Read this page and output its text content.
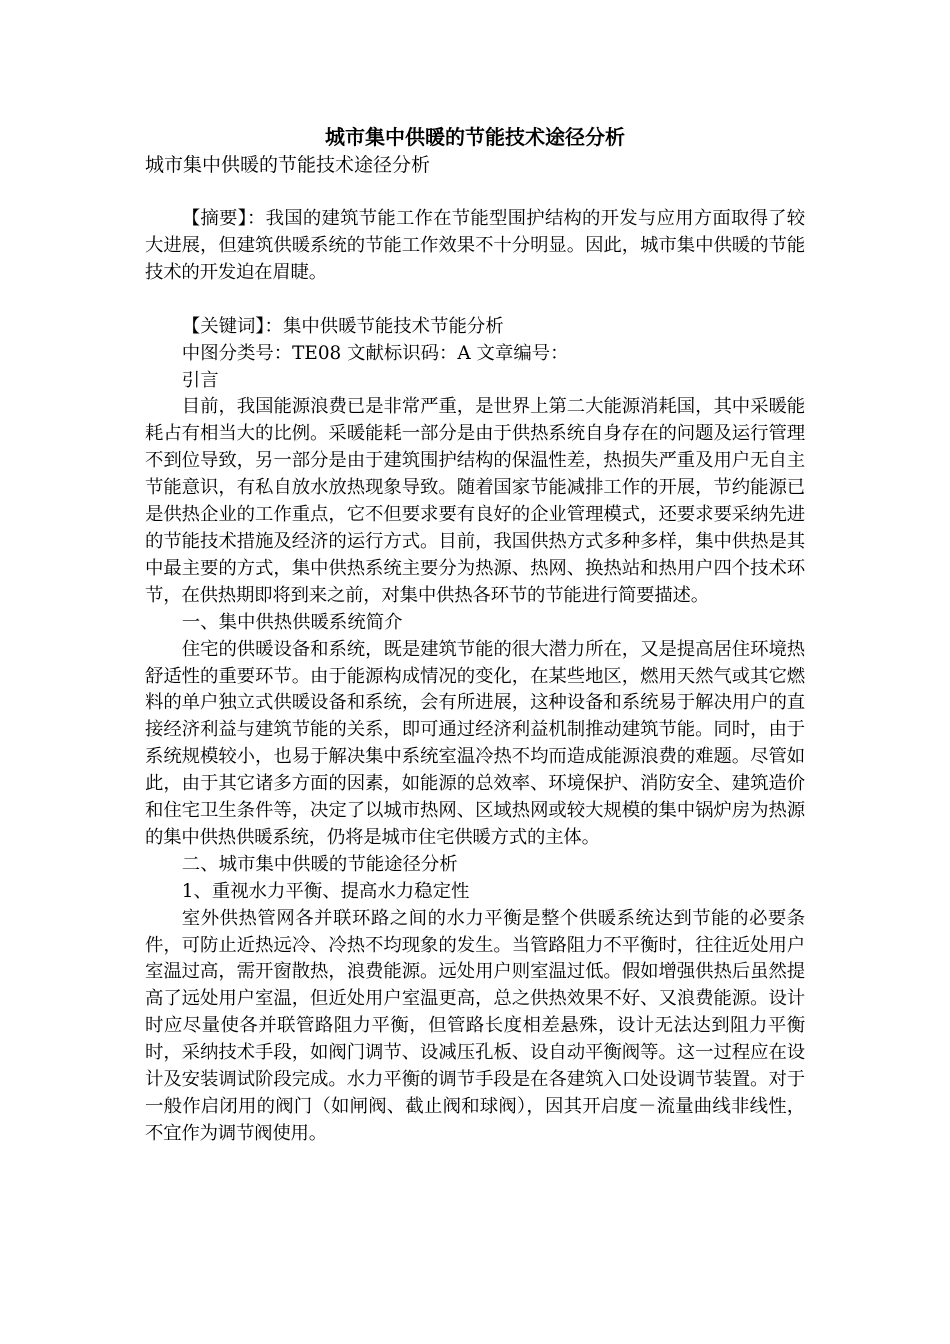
城市集中供暖的节能技术途径分析

城市集中供暖的节能技术途径分析

【摘要】：我国的建筑节能工作在节能型围护结构的开发与应用方面取得了较大进展，但建筑供暖系统的节能工作效果不十分明显。因此，城市集中供暖的节能技术的开发迫在眉睫。

【关键词】：集中供暖节能技术节能分析

中图分类号：TE08 文献标识码：A 文章编号：

引言

目前，我国能源浪费已是非常严重，是世界上第二大能源消耗国，其中采暖能耗占有相当大的比例。采暖能耗一部分是由于供热系统自身存在的问题及运行管理不到位导致，另一部分是由于建筑围护结构的保温性差，热损失严重及用户无自主节能意识，有私自放水放热现象导致。随着国家节能减排工作的开展，节约能源已是供热企业的工作重点，它不但要求要有良好的企业管理模式，还要求要采纳先进的节能技术措施及经济的运行方式。目前，我国供热方式多种多样，集中供热是其中最主要的方式，集中供热系统主要分为热源、热网、换热站和热用户四个技术环节，在供热期即将到来之前，对集中供热各环节的节能进行简要描述。

一、集中供热供暖系统简介

住宅的供暖设备和系统，既是建筑节能的很大潜力所在，又是提高居住环境热舒适性的重要环节。由于能源构成情况的变化，在某些地区，燃用天然气或其它燃料的单户独立式供暖设备和系统，会有所进展，这种设备和系统易于解决用户的直接经济利益与建筑节能的关系，即可通过经济利益机制推动建筑节能。同时，由于系统规模较小，也易于解决集中系统室温冷热不均而造成能源浪费的难题。尽管如此，由于其它诸多方面的因素，如能源的总效率、环境保护、消防安全、建筑造价和住宅卫生条件等，决定了以城市热网、区域热网或较大规模的集中锅炉房为热源的集中供热供暖系统，仍将是城市住宅供暖方式的主体。

二、城市集中供暖的节能途径分析

1、重视水力平衡、提高水力稳定性

室外供热管网各并联环路之间的水力平衡是整个供暖系统达到节能的必要条件，可防止近热远冷、冷热不均现象的发生。当管路阻力不平衡时，往往近处用户室温过高，需开窗散热，浪费能源。远处用户则室温过低。假如增强供热后虽然提高了远处用户室温，但近处用户室温更高，总之供热效果不好、又浪费能源。设计时应尽量使各并联管路阻力平衡，但管路长度相差悬殊，设计无法达到阻力平衡时，采纳技术手段，如阀门调节、设减压孔板、设自动平衡阀等。这一过程应在设计及安装调试阶段完成。水力平衡的调节手段是在各建筑入口处设调节装置。对于一般作启闭用的阀门（如闸阀、截止阀和球阀），因其开启度－流量曲线非线性，不宜作为调节阀使用。
